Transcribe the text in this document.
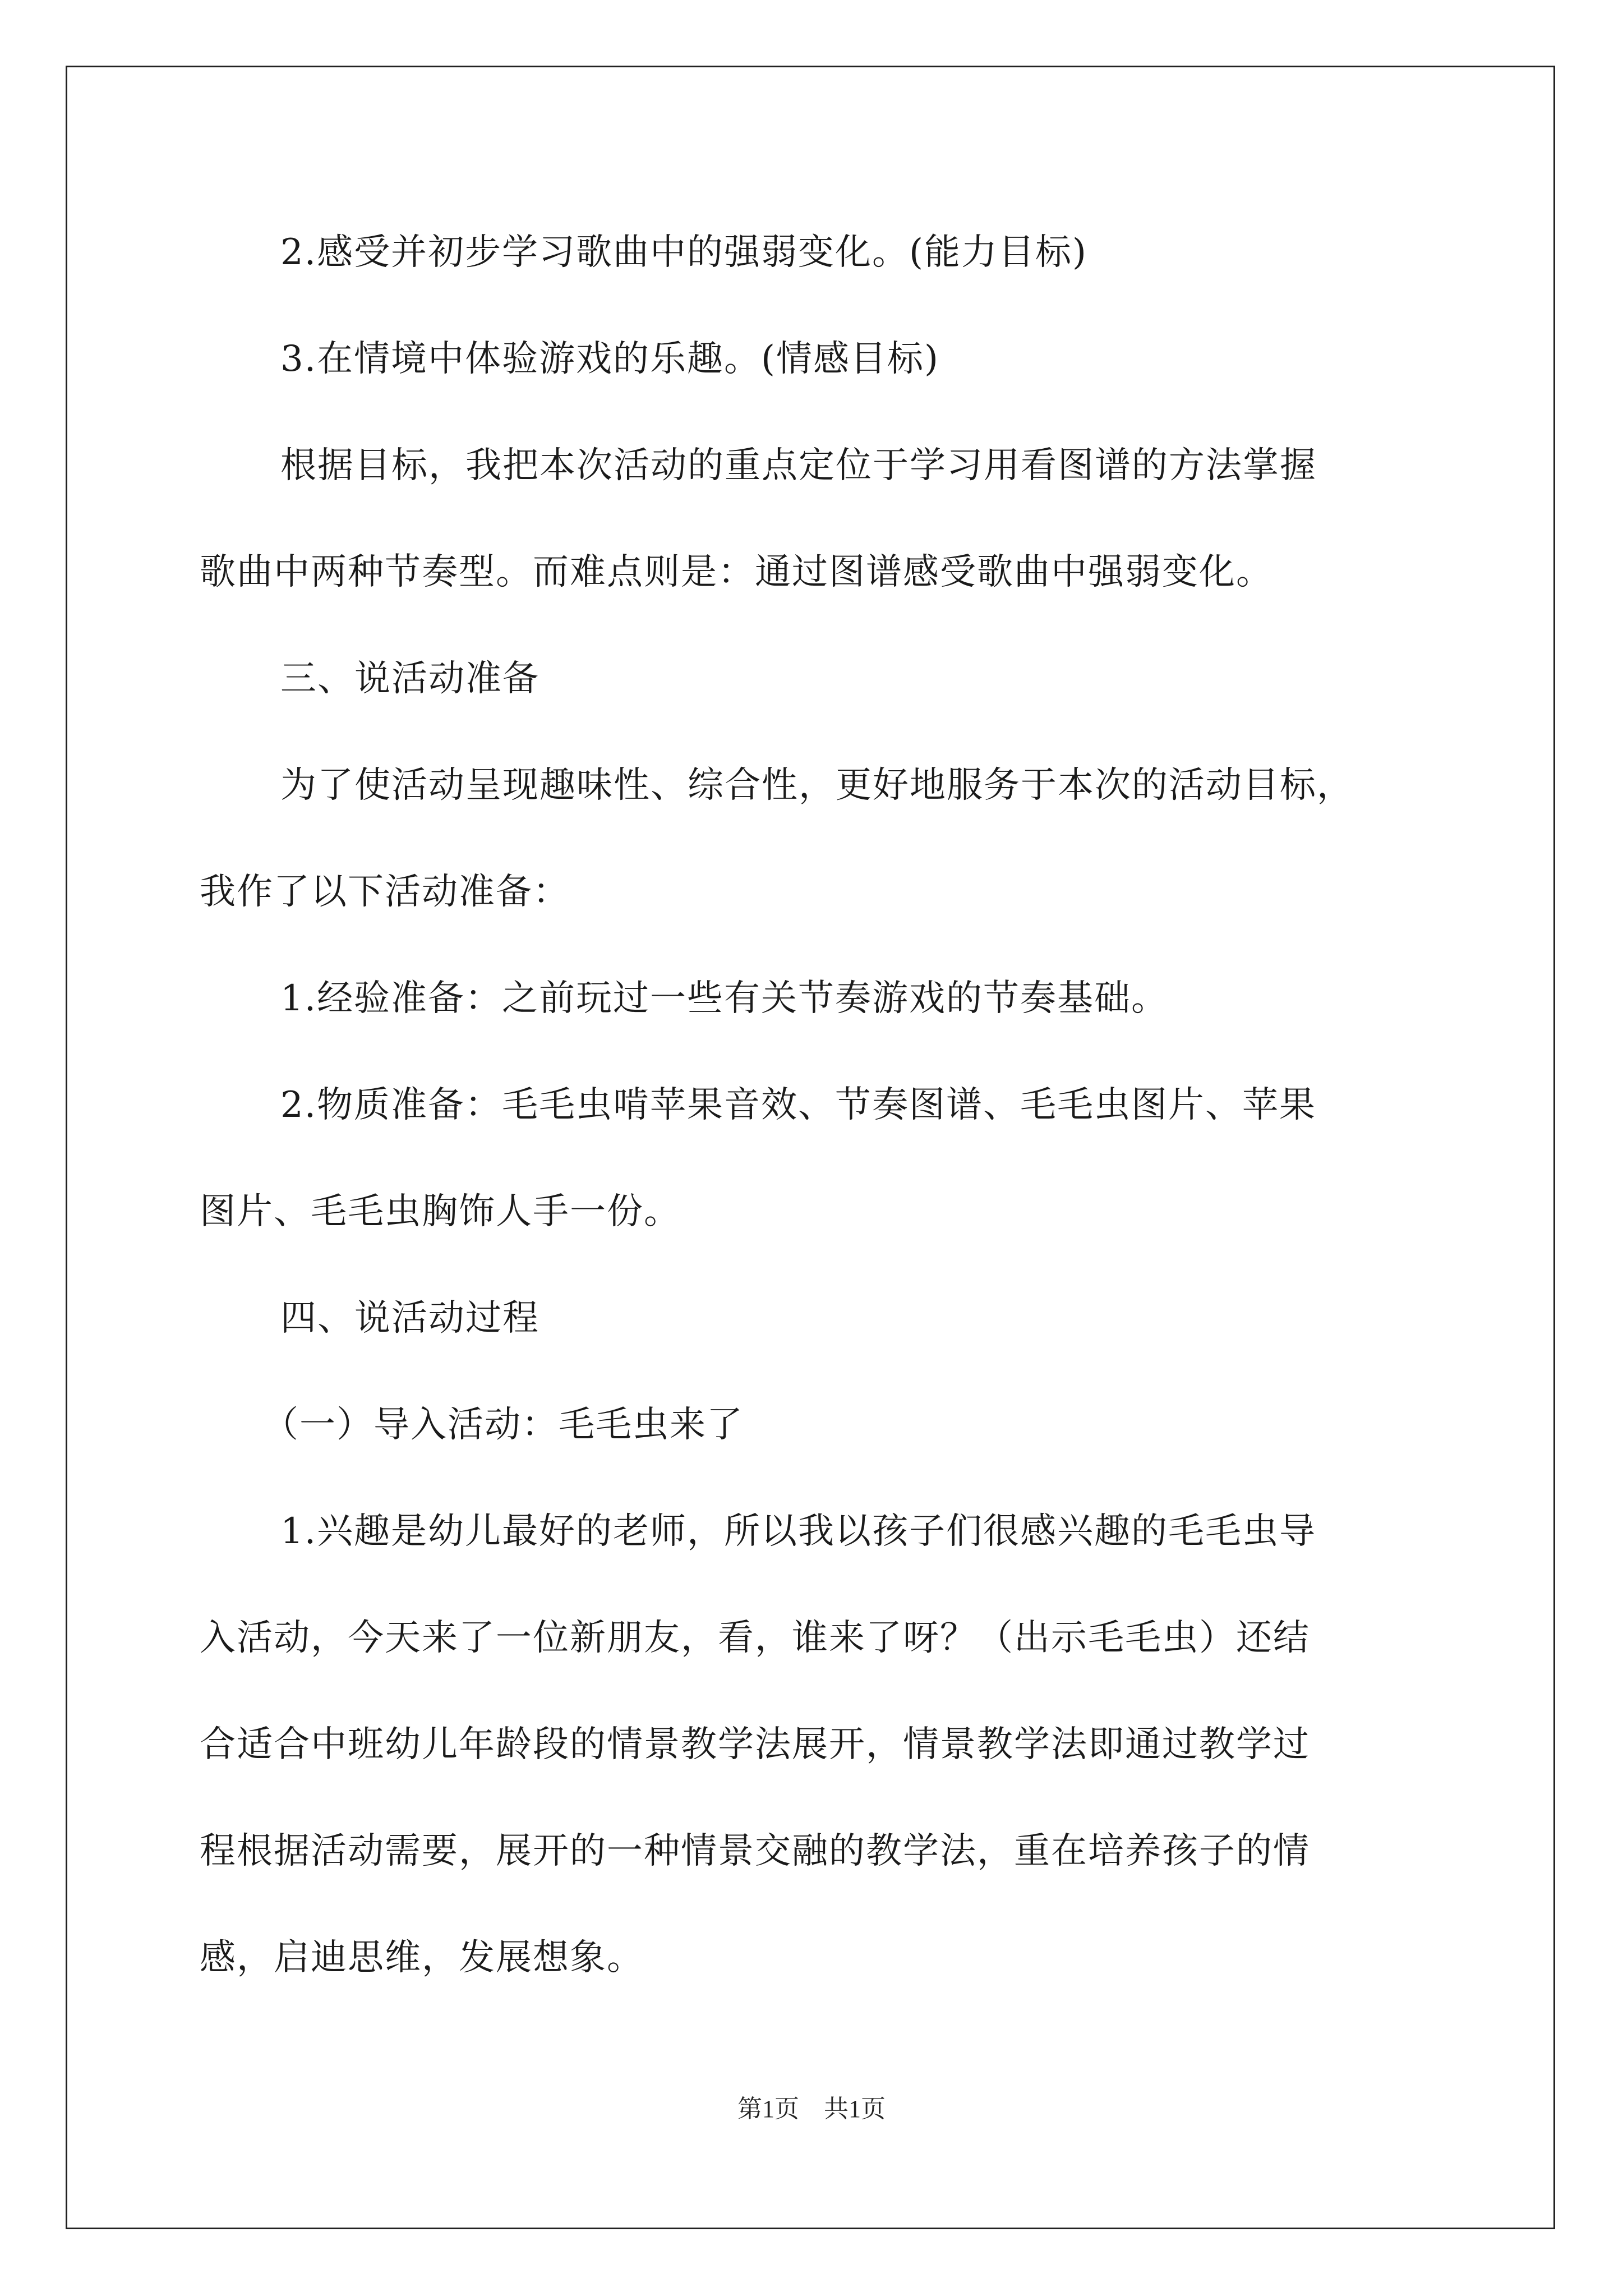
2.感受并初步学习歌曲中的强弱变化。(能力目标)
3.在情境中体验游戏的乐趣。(情感目标)
根据目标，我把本次活动的重点定位于学习用看图谱的方法掌握
歌曲中两种节奏型。而难点则是：通过图谱感受歌曲中强弱变化。
三、说活动准备
为了使活动呈现趣味性、综合性，更好地服务于本次的活动目标，
我作了以下活动准备：
1.经验准备：之前玩过一些有关节奏游戏的节奏基础。
2.物质准备：毛毛虫啃苹果音效、节奏图谱、毛毛虫图片、苹果
图片、毛毛虫胸饰人手一份。
四、说活动过程
（一）导入活动：毛毛虫来了
1.兴趣是幼儿最好的老师，所以我以孩子们很感兴趣的毛毛虫导
入活动，今天来了一位新朋友，看，谁来了呀？（出示毛毛虫）还结
合适合中班幼儿年龄段的情景教学法展开，情景教学法即通过教学过
程根据活动需要，展开的一种情景交融的教学法，重在培养孩子的情
感，启迪思维，发展想象。
第1页　共1页
